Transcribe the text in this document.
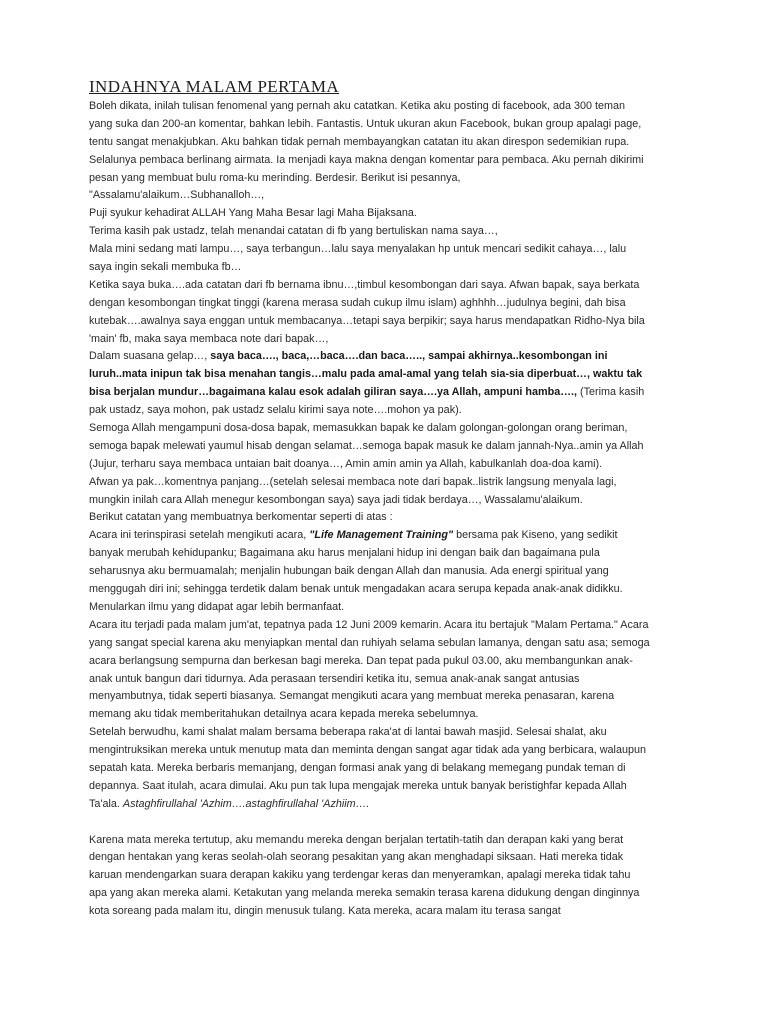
INDAHNYA MALAM PERTAMA
Boleh dikata, inilah tulisan fenomenal yang pernah aku catatkan. Ketika aku posting di facebook, ada 300 teman
yang suka dan 200-an komentar, bahkan lebih. Fantastis. Untuk ukuran akun Facebook, bukan group apalagi page,
tentu sangat menakjubkan. Aku bahkan tidak pernah membayangkan catatan itu akan direspon sedemikian rupa.
Selalunya pembaca berlinang airmata. Ia menjadi kaya makna dengan komentar para pembaca. Aku pernah dikirimi
pesan yang membuat bulu roma-ku merinding. Berdesir. Berikut isi pesannya,
"Assalamu'alaikum…Subhanalloh…,
Puji syukur kehadirat ALLAH Yang Maha Besar lagi Maha Bijaksana.
Terima kasih pak ustadz, telah menandai catatan di fb yang bertuliskan nama saya…,
Mala mini sedang mati lampu…, saya terbangun…lalu saya menyalakan hp untuk mencari sedikit cahaya…, lalu
saya ingin sekali membuka fb…
Ketika saya buka….ada catatan dari fb bernama ibnu…,timbul kesombongan dari saya. Afwan bapak, saya berkata
dengan kesombongan tingkat tinggi (karena merasa sudah cukup ilmu islam) aghhhh…judulnya begini, dah bisa
kutebak….awalnya saya enggan untuk membacanya…tetapi saya berpikir; saya harus mendapatkan Ridho-Nya bila
'main' fb, maka saya membaca note dari bapak…,
Dalam suasana gelap…, saya baca…., baca,…baca….dan baca….., sampai akhirnya..kesombongan ini
luruh..mata inipun tak bisa menahan tangis…malu pada amal-amal yang telah sia-sia diperbuat…, waktu tak
bisa berjalan mundur…bagaimana kalau esok adalah giliran saya….ya Allah, ampuni hamba…., (Terima kasih
pak ustadz, saya mohon, pak ustadz selalu kirimi saya note….mohon ya pak).
Semoga Allah mengampuni dosa-dosa bapak, memasukkan bapak ke dalam golongan-golongan orang beriman,
semoga bapak melewati yaumul hisab dengan selamat…semoga bapak masuk ke dalam jannah-Nya..amin ya Allah
(Jujur, terharu saya membaca untaian bait doanya…, Amin amin amin ya Allah, kabulkanlah doa-doa kami).
Afwan ya pak…komentnya panjang…(setelah selesai membaca note dari bapak..listrik langsung menyala lagi,
mungkin inilah cara Allah menegur kesombongan saya) saya jadi tidak berdaya…, Wassalamu'alaikum.
Berikut catatan yang membuatnya berkomentar seperti di atas :
Acara ini terinspirasi setelah mengikuti acara, "Life Management Training" bersama pak Kiseno, yang sedikit
banyak merubah kehidupanku; Bagaimana aku harus menjalani hidup ini dengan baik dan bagaimana pula
seharusnya aku bermuamalah; menjalin hubungan baik dengan Allah dan manusia. Ada energi spiritual yang
menggugah diri ini; sehingga terdetik dalam benak untuk mengadakan acara serupa kepada anak-anak didikku.
Menularkan ilmu yang didapat agar lebih bermanfaat.
Acara itu terjadi pada malam jum'at, tepatnya pada 12 Juni 2009 kemarin. Acara itu bertajuk "Malam Pertama." Acara
yang sangat special karena aku menyiapkan mental dan ruhiyah selama sebulan lamanya, dengan satu asa; semoga
acara berlangsung sempurna dan berkesan bagi mereka. Dan tepat pada pukul 03.00, aku membangunkan anak-
anak untuk bangun dari tidurnya. Ada perasaan tersendiri ketika itu, semua anak-anak sangat antusias
menyambutnya, tidak seperti biasanya. Semangat mengikuti acara yang membuat mereka penasaran, karena
memang aku tidak memberitahukan detailnya acara kepada mereka sebelumnya.
Setelah berwudhu, kami shalat malam bersama beberapa raka'at di lantai bawah masjid. Selesai shalat, aku
mengintruksikan mereka untuk menutup mata dan meminta dengan sangat agar tidak ada yang berbicara, walaupun
sepatah kata. Mereka berbaris memanjang, dengan formasi anak yang di belakang memegang pundak teman di
depannya. Saat itulah, acara dimulai. Aku pun tak lupa mengajak mereka untuk banyak beristighfar kepada Allah
Ta'ala. Astaghfirullahal 'Azhim….astaghfirullahal 'Azhiim….
Karena mata mereka tertutup, aku memandu mereka dengan berjalan tertatih-tatih dan derapan kaki yang berat
dengan hentakan yang keras seolah-olah seorang pesakitan yang akan menghadapi siksaan. Hati mereka tidak
karuan mendengarkan suara derapan kakiku yang terdengar keras dan menyeramkan, apalagi mereka tidak tahu
apa yang akan mereka alami. Ketakutan yang melanda mereka semakin terasa karena didukung dengan dinginnya
kota soreang pada malam itu, dingin menusuk tulang. Kata mereka, acara malam itu terasa sangat
